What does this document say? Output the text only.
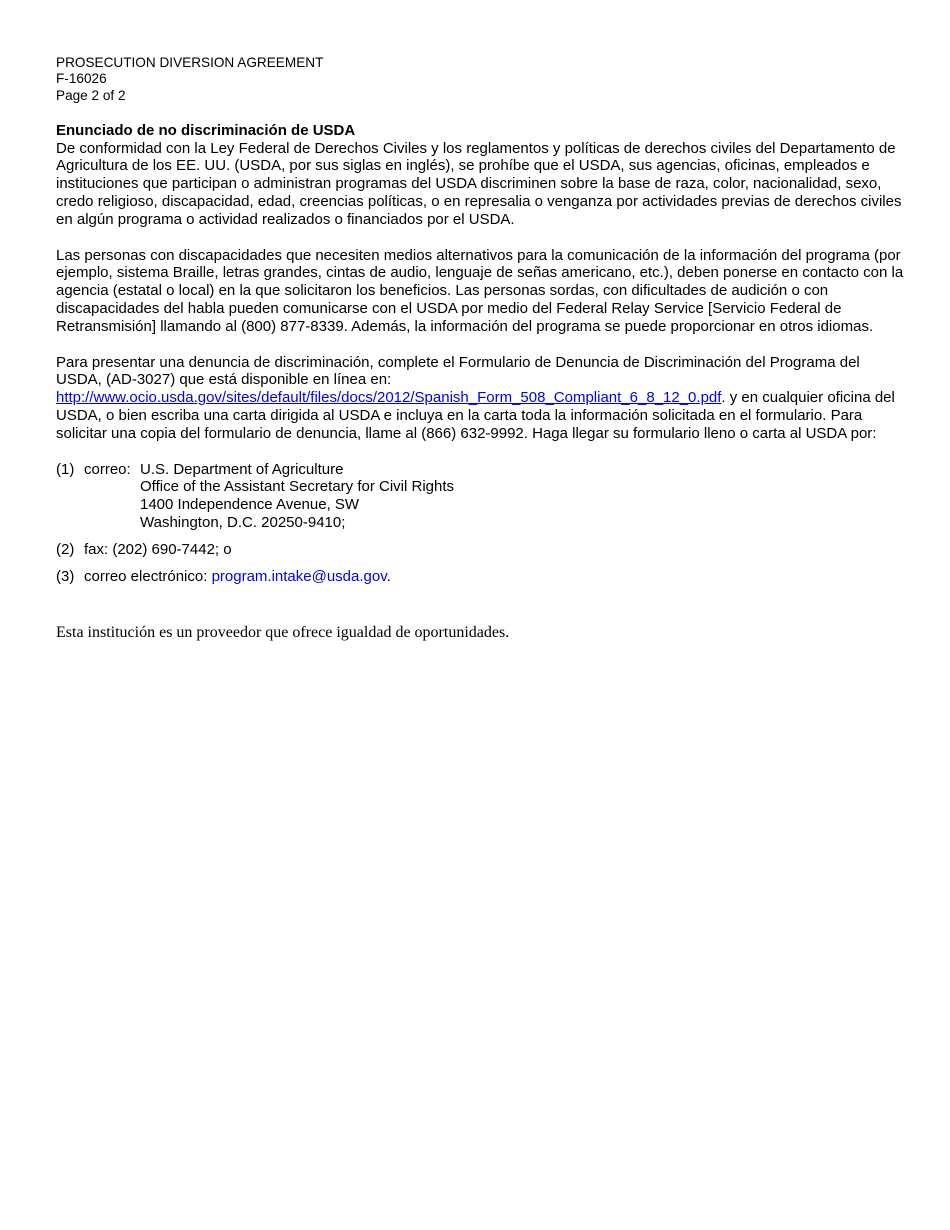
PROSECUTION DIVERSION AGREEMENT
F-16026
Page 2 of 2
Enunciado de no discriminación de USDA

De conformidad con la Ley Federal de Derechos Civiles y los reglamentos y políticas de derechos civiles del Departamento de Agricultura de los EE. UU. (USDA, por sus siglas en inglés), se prohíbe que el USDA, sus agencias, oficinas, empleados e instituciones que participan o administran programas del USDA discriminen sobre la base de raza, color, nacionalidad, sexo, credo religioso, discapacidad, edad, creencias políticas, o en represalia o venganza por actividades previas de derechos civiles en algún programa o actividad realizados o financiados por el USDA.

Las personas con discapacidades que necesiten medios alternativos para la comunicación de la información del programa (por ejemplo, sistema Braille, letras grandes, cintas de audio, lenguaje de señas americano, etc.), deben ponerse en contacto con la agencia (estatal o local) en la que solicitaron los beneficios. Las personas sordas, con dificultades de audición o con discapacidades del habla pueden comunicarse con el USDA por medio del Federal Relay Service [Servicio Federal de Retransmisión] llamando al (800) 877-8339. Además, la información del programa se puede proporcionar en otros idiomas.

Para presentar una denuncia de discriminación, complete el Formulario de Denuncia de Discriminación del Programa del USDA, (AD-3027) que está disponible en línea en:
http://www.ocio.usda.gov/sites/default/files/docs/2012/Spanish_Form_508_Compliant_6_8_12_0.pdf. y en cualquier oficina del USDA, o bien escriba una carta dirigida al USDA e incluya en la carta toda la información solicitada en el formulario. Para solicitar una copia del formulario de denuncia, llame al (866) 632-9992. Haga llegar su formulario lleno o carta al USDA por:

(1) correo: U.S. Department of Agriculture
Office of the Assistant Secretary for Civil Rights
1400 Independence Avenue, SW
Washington, D.C. 20250-9410;
(2) fax: (202) 690-7442; o
(3) correo electrónico: program.intake@usda.gov.
Esta institución es un proveedor que ofrece igualdad de oportunidades.
